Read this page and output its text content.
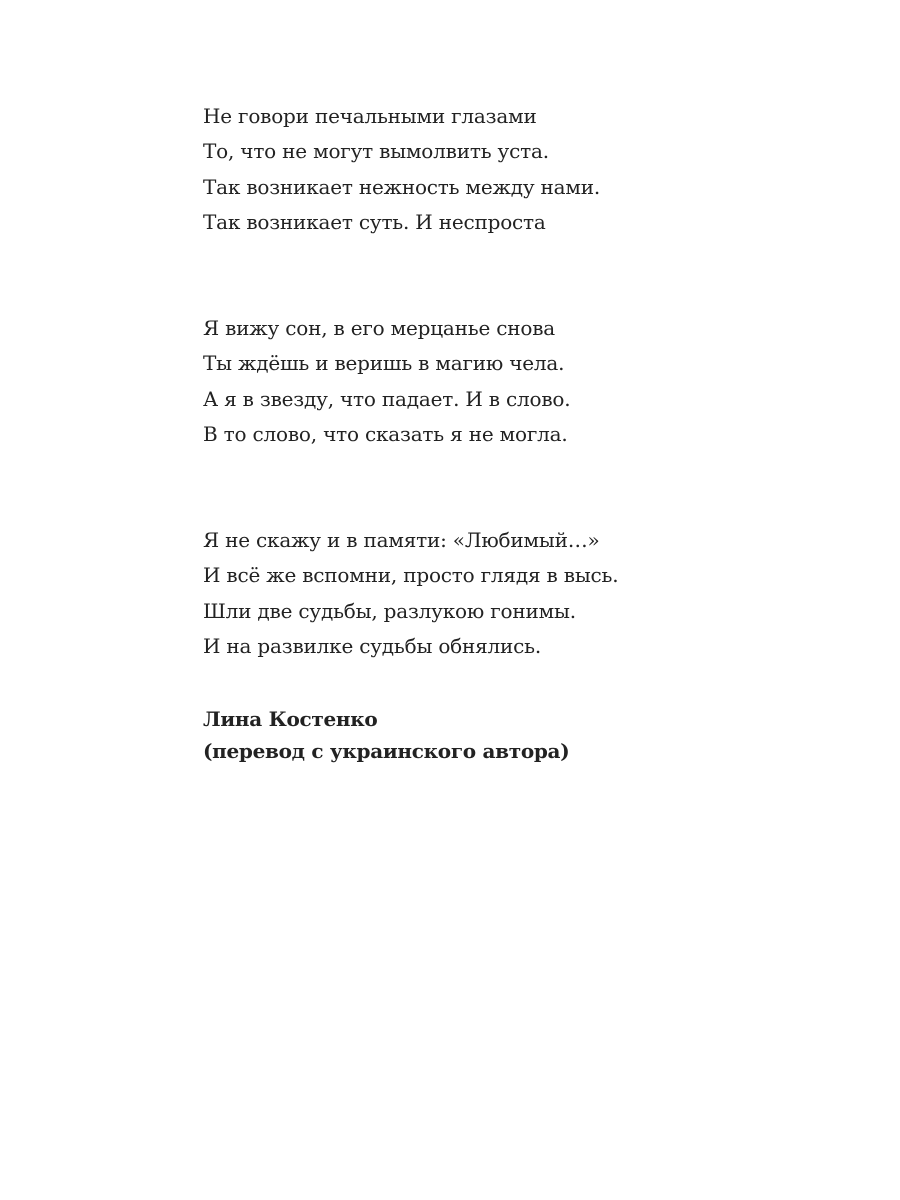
Не говори печальными глазами
То, что не могут вымолвить уста.
Так возникает нежность между нами.
Так возникает суть. И неспроста
Я вижу сон, в его мерцанье снова
Ты ждёшь и веришь в магию чела.
А я в звезду, что падает. И в слово.
В то слово, что сказать я не могла.
Я не скажу и в памяти: «Любимый…»
И всё же вспомни, просто глядя в высь.
Шли две судьбы, разлукою гонимы.
И на развилке судьбы обнялись.
Лина Костенко
(перевод с украинского автора)
